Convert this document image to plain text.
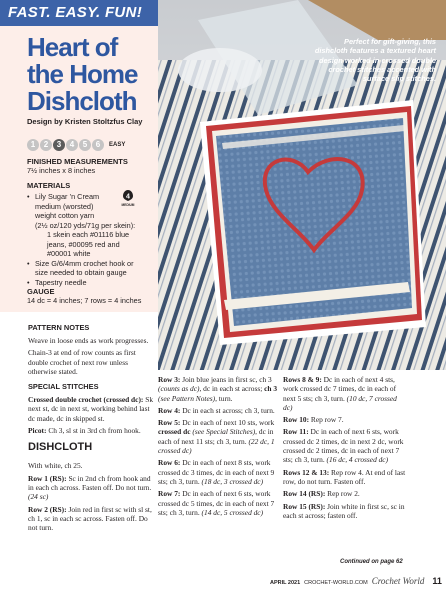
FAST. EASY. FUN!
Heart of
the Home
Dishcloth
Design by Kristen Stoltzfus Clay
1	2	3	4	5	6	EASY
FINISHED MEASUREMENTS
7½ inches x 8 inches
MATERIALS
• Lily Sugar ’n Cream
medium (worsted)
weight cotton yarn
(2½ oz/120 yds/71g per skein):
1 skein each #01116 blue
jeans, #00095 red and
#00001 white
• Size G/6/4mm crochet hook or
size needed to obtain gauge
• Tapestry needle
4
MEDIUM
GAUGE
14 dc = 4 inches; 7 rows = 4 inches
Perfect for gift-giving, this dishcloth features a textured heart design worked in crossed double crochet stitches accented with surface slip stitches.
PATTERN NOTES

Weave in loose ends as work progresses.

Chain-3 at end of row counts as first double crochet of next row unless otherwise stated.

SPECIAL STITCHES

Crossed double crochet (crossed dc): Sk next st, dc in next st, working behind last dc made, dc in skipped st.

Picot: Ch 3, sl st in 3rd ch from hook.

DISHCLOTH

With white, ch 25.

Row 1 (RS): Sc in 2nd ch from hook and in each ch across. Fasten off. Do not turn. (24 sc)

Row 2 (RS): Join red in first sc with sl st, ch 1, sc in each sc across. Fasten off. Do not turn.

Row 3: Join blue jeans in first sc, ch 3 (counts as dc), dc in each st across; ch 3 (see Pattern Notes), turn.

Row 4: Dc in each st across; ch 3, turn.

Row 5: Dc in each of next 10 sts, work crossed dc (see Special Stitches), dc in each of next 11 sts; ch 3, turn. (22 dc, 1 crossed dc)

Row 6: Dc in each of next 8 sts, work crossed dc 3 times, dc in each of next 9 sts; ch 3, turn. (18 dc, 3 crossed dc)

Row 7: Dc in each of next 6 sts, work crossed dc 5 times, dc in each of next 7 sts; ch 3, turn. (14 dc, 5 crossed dc)

Rows 8 & 9: Dc in each of next 4 sts, work crossed dc 7 times, dc in each of next 5 sts; ch 3, turn. (10 dc, 7 crossed dc)

Row 10: Rep row 7.

Row 11: Dc in each of next 6 sts, work crossed dc 2 times, dc in next 2 dc, work crossed dc 2 times, dc in each of next 7 sts; ch 3, turn. (16 dc, 4 crossed dc)

Rows 12 & 13: Rep row 4. At end of last row, do not turn. Fasten off.

Row 14 (RS): Rep row 2.

Row 15 (RS): Join white in first sc, sc in each st across; fasten off.

Continued on page 62
APRIL 2021 CROCHET-WORLD.COM Crochet World 11
